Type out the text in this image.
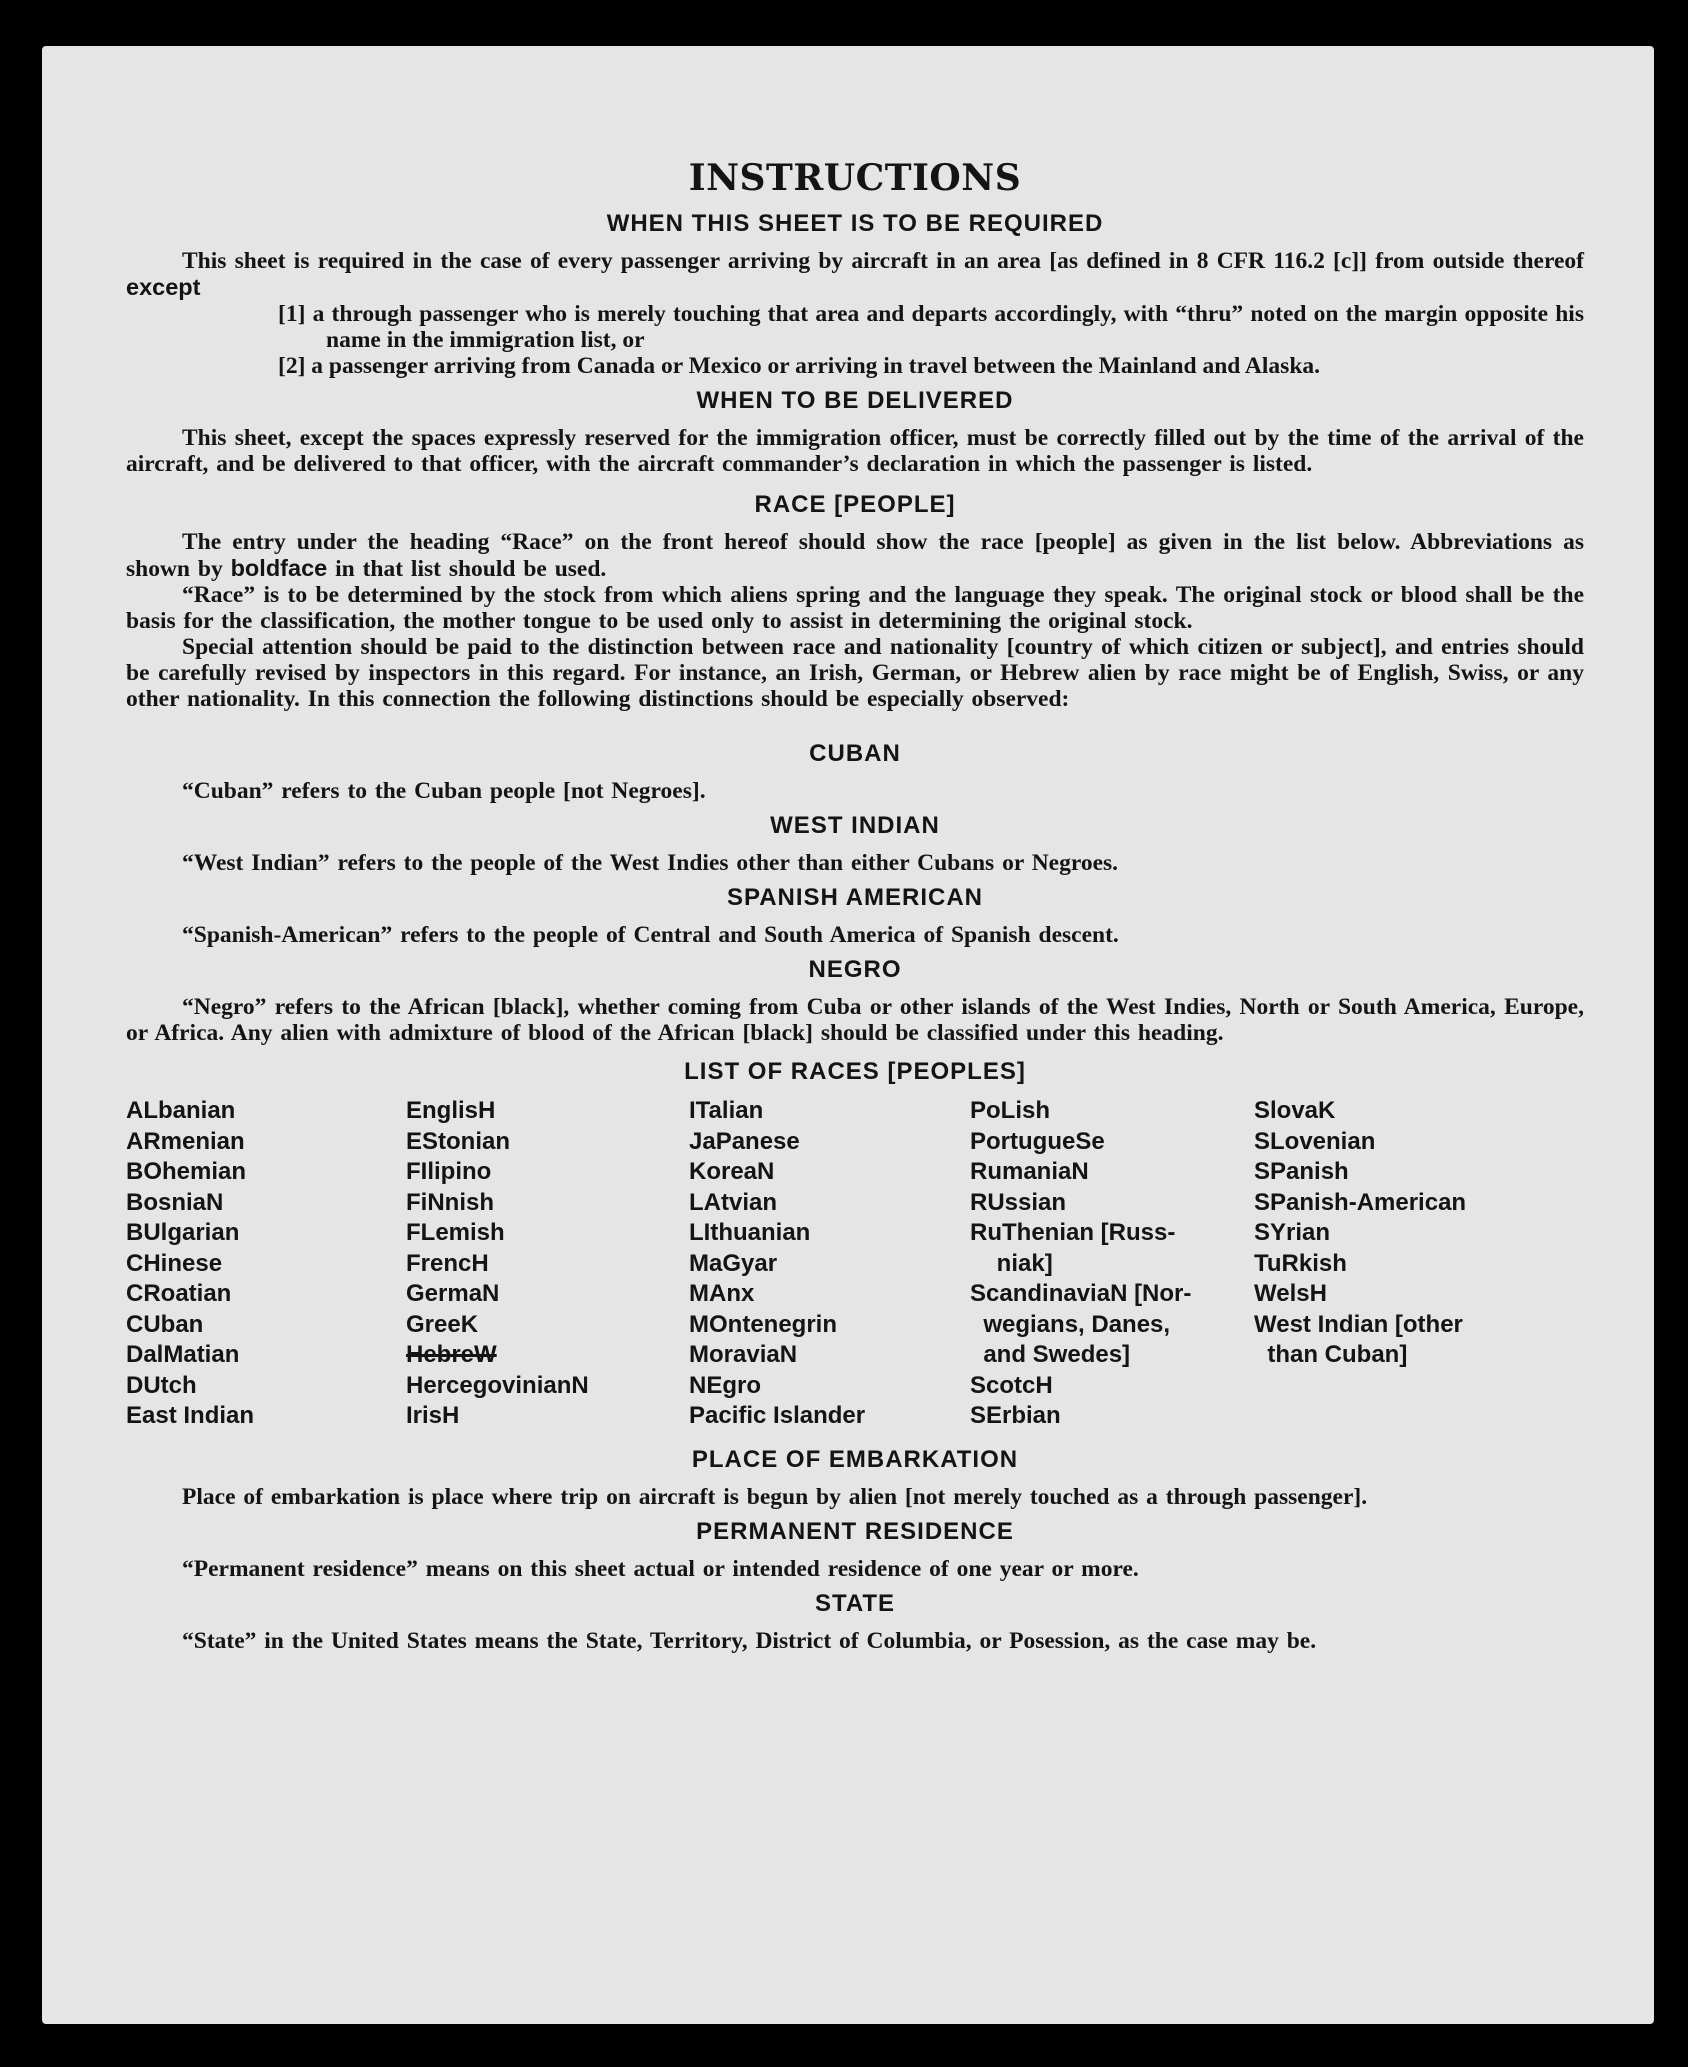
INSTRUCTIONS
WHEN THIS SHEET IS TO BE REQUIRED

This sheet is required in the case of every passenger arriving by aircraft in an area [as defined in 8 CFR 116.2 [c]] from outside thereof except

[1] a through passenger who is merely touching that area and departs accordingly, with “thru” noted on the margin opposite his name in the immigration list, or

[2] a passenger arriving from Canada or Mexico or arriving in travel between the Mainland and Alaska.

WHEN TO BE DELIVERED

This sheet, except the spaces expressly reserved for the immigration officer, must be correctly filled out by the time of the arrival of the aircraft, and be delivered to that officer, with the aircraft commander’s declaration in which the passenger is listed.

RACE [PEOPLE]

The entry under the heading “Race” on the front hereof should show the race [people] as given in the list below. Abbreviations as shown by boldface in that list should be used.

“Race” is to be determined by the stock from which aliens spring and the language they speak. The original stock or blood shall be the basis for the classification, the mother tongue to be used only to assist in determining the original stock.

Special attention should be paid to the distinction between race and nationality [country of which citizen or subject], and entries should be carefully revised by inspectors in this regard. For instance, an Irish, German, or Hebrew alien by race might be of English, Swiss, or any other nationality. In this connection the following distinctions should be especially observed:

CUBAN

“Cuban” refers to the Cuban people [not Negroes].

WEST INDIAN

“West Indian” refers to the people of the West Indies other than either Cubans or Negroes.

SPANISH AMERICAN

“Spanish-American” refers to the people of Central and South America of Spanish descent.

NEGRO

“Negro” refers to the African [black], whether coming from Cuba or other islands of the West Indies, North or South America, Europe, or Africa. Any alien with admixture of blood of the African [black] should be classified under this heading.

LIST OF RACES [PEOPLES]
ALbanian
ARmenian
BOhemian
BosniaN
BUlgarian
CHinese
CRoatian
CUban
DalMatian
DUtch
East Indian
EnglisH
EStonian
FIlipino
FiNnish
FLemish
FrencH
GermaN
GreeK
HebreW
HercegovinianN
IrisH
ITalian
JaPanese
KoreaN
LAtvian
LIthuanian
MaGyar
MAnx
MOntenegrin
MoraviaN
NEgro
Pacific Islander
PoLish
PortugueSe
RumaniaN
RUssian
RuThenian [Russ-
niak]
ScandinaviaN [Nor-
wegians, Danes,
and Swedes]
ScotcH
SErbian
SlovaK
SLovenian
SPanish
SPanish-American
SYrian
TuRkish
WelsH
West Indian [other
than Cuban]
PLACE OF EMBARKATION

Place of embarkation is place where trip on aircraft is begun by alien [not merely touched as a through passenger].

PERMANENT RESIDENCE

“Permanent residence” means on this sheet actual or intended residence of one year or more.

STATE

“State” in the United States means the State, Territory, District of Columbia, or Posession, as the case may be.
